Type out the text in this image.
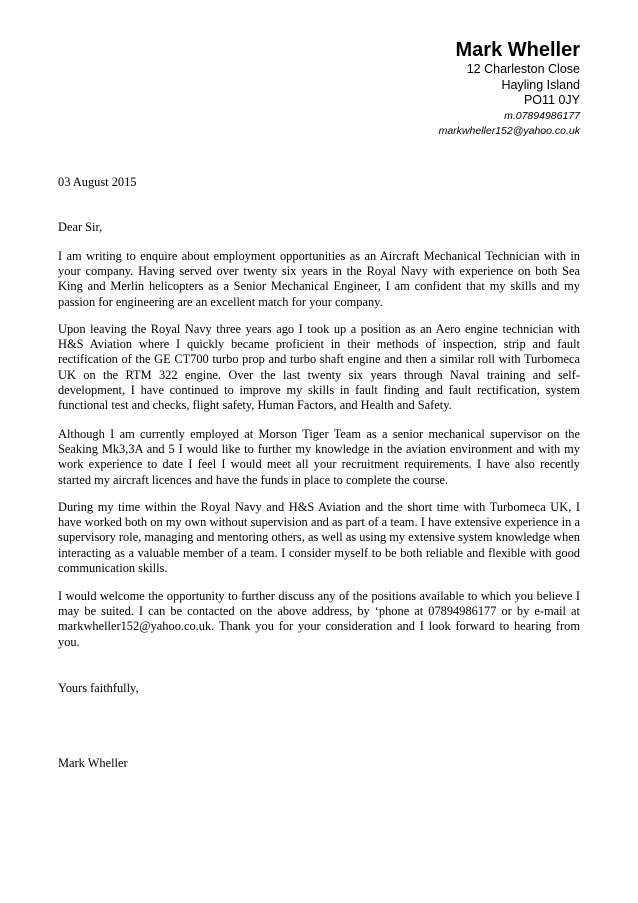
Mark Wheller
12 Charleston Close
Hayling Island
PO11 0JY
m.07894986177
markwheller152@yahoo.co.uk
03 August 2015
Dear Sir,

I am writing to enquire about employment opportunities as an Aircraft Mechanical Technician with in your company. Having served over twenty six years in the Royal Navy with experience on both Sea King and Merlin helicopters as a Senior Mechanical Engineer, I am confident that my skills and my passion for engineering are an excellent match for your company.

Upon leaving the Royal Navy three years ago I took up a position as an Aero engine technician with H&S Aviation where I quickly became proficient in their methods of inspection, strip and fault rectification of the GE CT700 turbo prop and turbo shaft engine and then a similar roll with Turbomeca UK on the RTM 322 engine. Over the last twenty six years through Naval training and self- development, I have continued to improve my skills in fault finding and fault rectification, system functional test and checks, flight safety, Human Factors, and Health and Safety.

Although I am currently employed at Morson Tiger Team as a senior mechanical supervisor on the Seaking Mk3,3A and 5 I would like to further my knowledge in the aviation environment and with my work experience to date I feel I would meet all your recruitment requirements. I have also recently started my aircraft licences and have the funds in place to complete the course.

During my time within the Royal Navy and H&S Aviation and the short time with Turbomeca UK, I have worked both on my own without supervision and as part of a team. I have extensive experience in a supervisory role, managing and mentoring others, as well as using my extensive system knowledge when interacting as a valuable member of a team. I consider myself to be both reliable and flexible with good communication skills.

I would welcome the opportunity to further discuss any of the positions available to which you believe I may be suited. I can be contacted on the above address, by ‘phone at 07894986177 or by e-mail at markwheller152@yahoo.co.uk. Thank you for your consideration and I look forward to hearing from you.

Yours faithfully,
Mark Wheller
